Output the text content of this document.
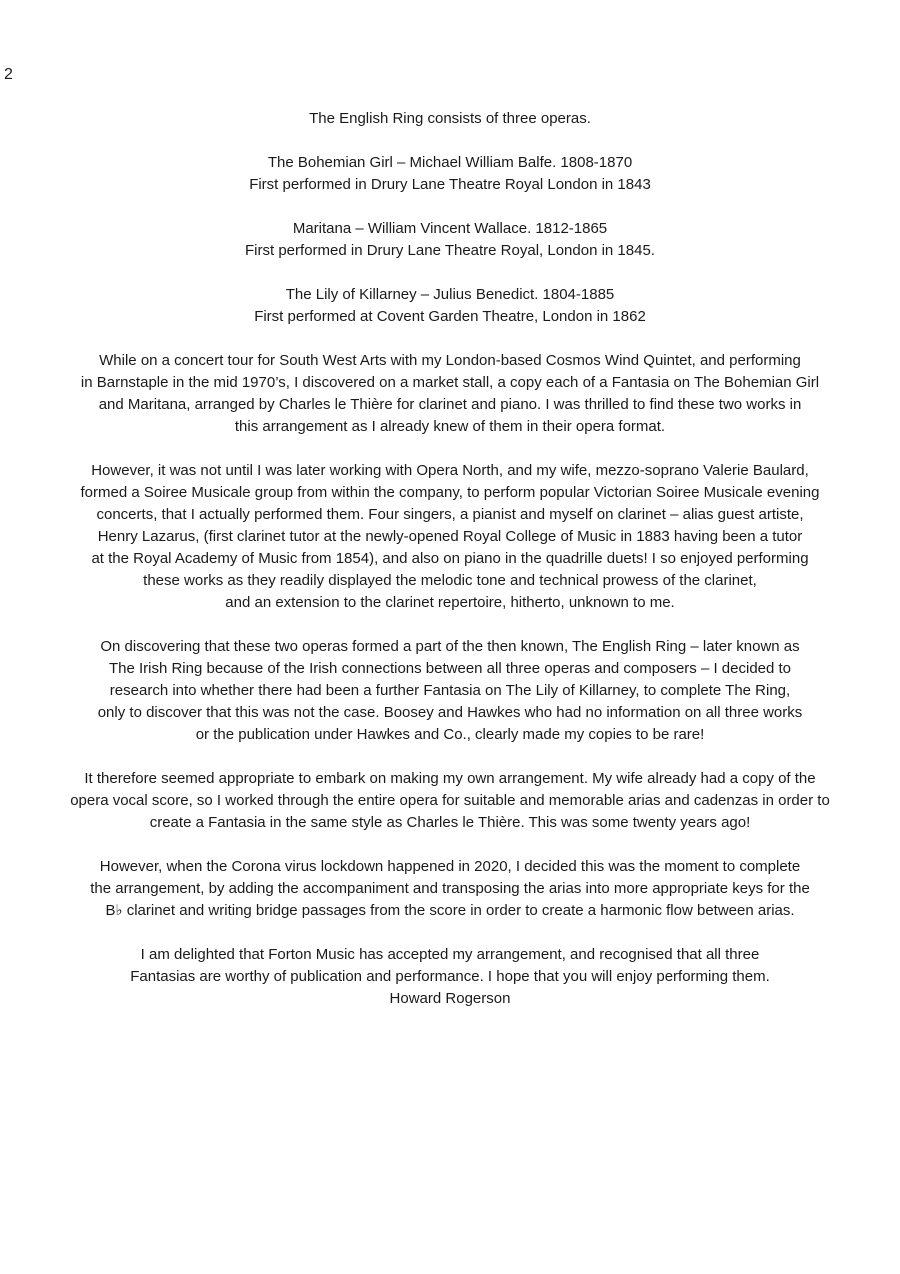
2
The English Ring consists of three operas.
The Bohemian Girl – Michael William Balfe. 1808-1870
First performed in Drury Lane Theatre Royal London in 1843
Maritana – William Vincent Wallace. 1812-1865
First performed in Drury Lane Theatre Royal, London in 1845.
The Lily of Killarney – Julius Benedict. 1804-1885
First performed at Covent Garden Theatre, London in 1862
While on a concert tour for South West Arts with my London-based Cosmos Wind Quintet, and performing
in Barnstaple in the mid 1970’s, I discovered on a market stall, a copy each of a Fantasia on The Bohemian Girl
and Maritana, arranged by Charles le Thière for clarinet and piano. I was thrilled to find these two works in
this arrangement as I already knew of them in their opera format.
However, it was not until I was later working with Opera North, and my wife, mezzo-soprano Valerie Baulard,
formed a Soiree Musicale group from within the company, to perform popular Victorian Soiree Musicale evening
concerts, that I actually performed them. Four singers, a pianist and myself on clarinet – alias guest artiste,
Henry Lazarus, (first clarinet tutor at the newly-opened Royal College of Music in 1883 having been a tutor
at the Royal Academy of Music from 1854), and also on piano in the quadrille duets! I so enjoyed performing
these works as they readily displayed the melodic tone and technical prowess of the clarinet,
and an extension to the clarinet repertoire, hitherto, unknown to me.
On discovering that these two operas formed a part of the then known, The English Ring – later known as
The Irish Ring because of the Irish connections between all three operas and composers – I decided to
research into whether there had been a further Fantasia on The Lily of Killarney, to complete The Ring,
only to discover that this was not the case. Boosey and Hawkes who had no information on all three works
or the publication under Hawkes and Co., clearly made my copies to be rare!
It therefore seemed appropriate to embark on making my own arrangement. My wife already had a copy of the
opera vocal score, so I worked through the entire opera for suitable and memorable arias and cadenzas in order to
create a Fantasia in the same style as Charles le Thière. This was some twenty years ago!
However, when the Corona virus lockdown happened in 2020, I decided this was the moment to complete
the arrangement, by adding the accompaniment and transposing the arias into more appropriate keys for the
B♭ clarinet and writing bridge passages from the score in order to create a harmonic flow between arias.
I am delighted that Forton Music has accepted my arrangement, and recognised that all three
Fantasias are worthy of publication and performance. I hope that you will enjoy performing them.
Howard Rogerson
